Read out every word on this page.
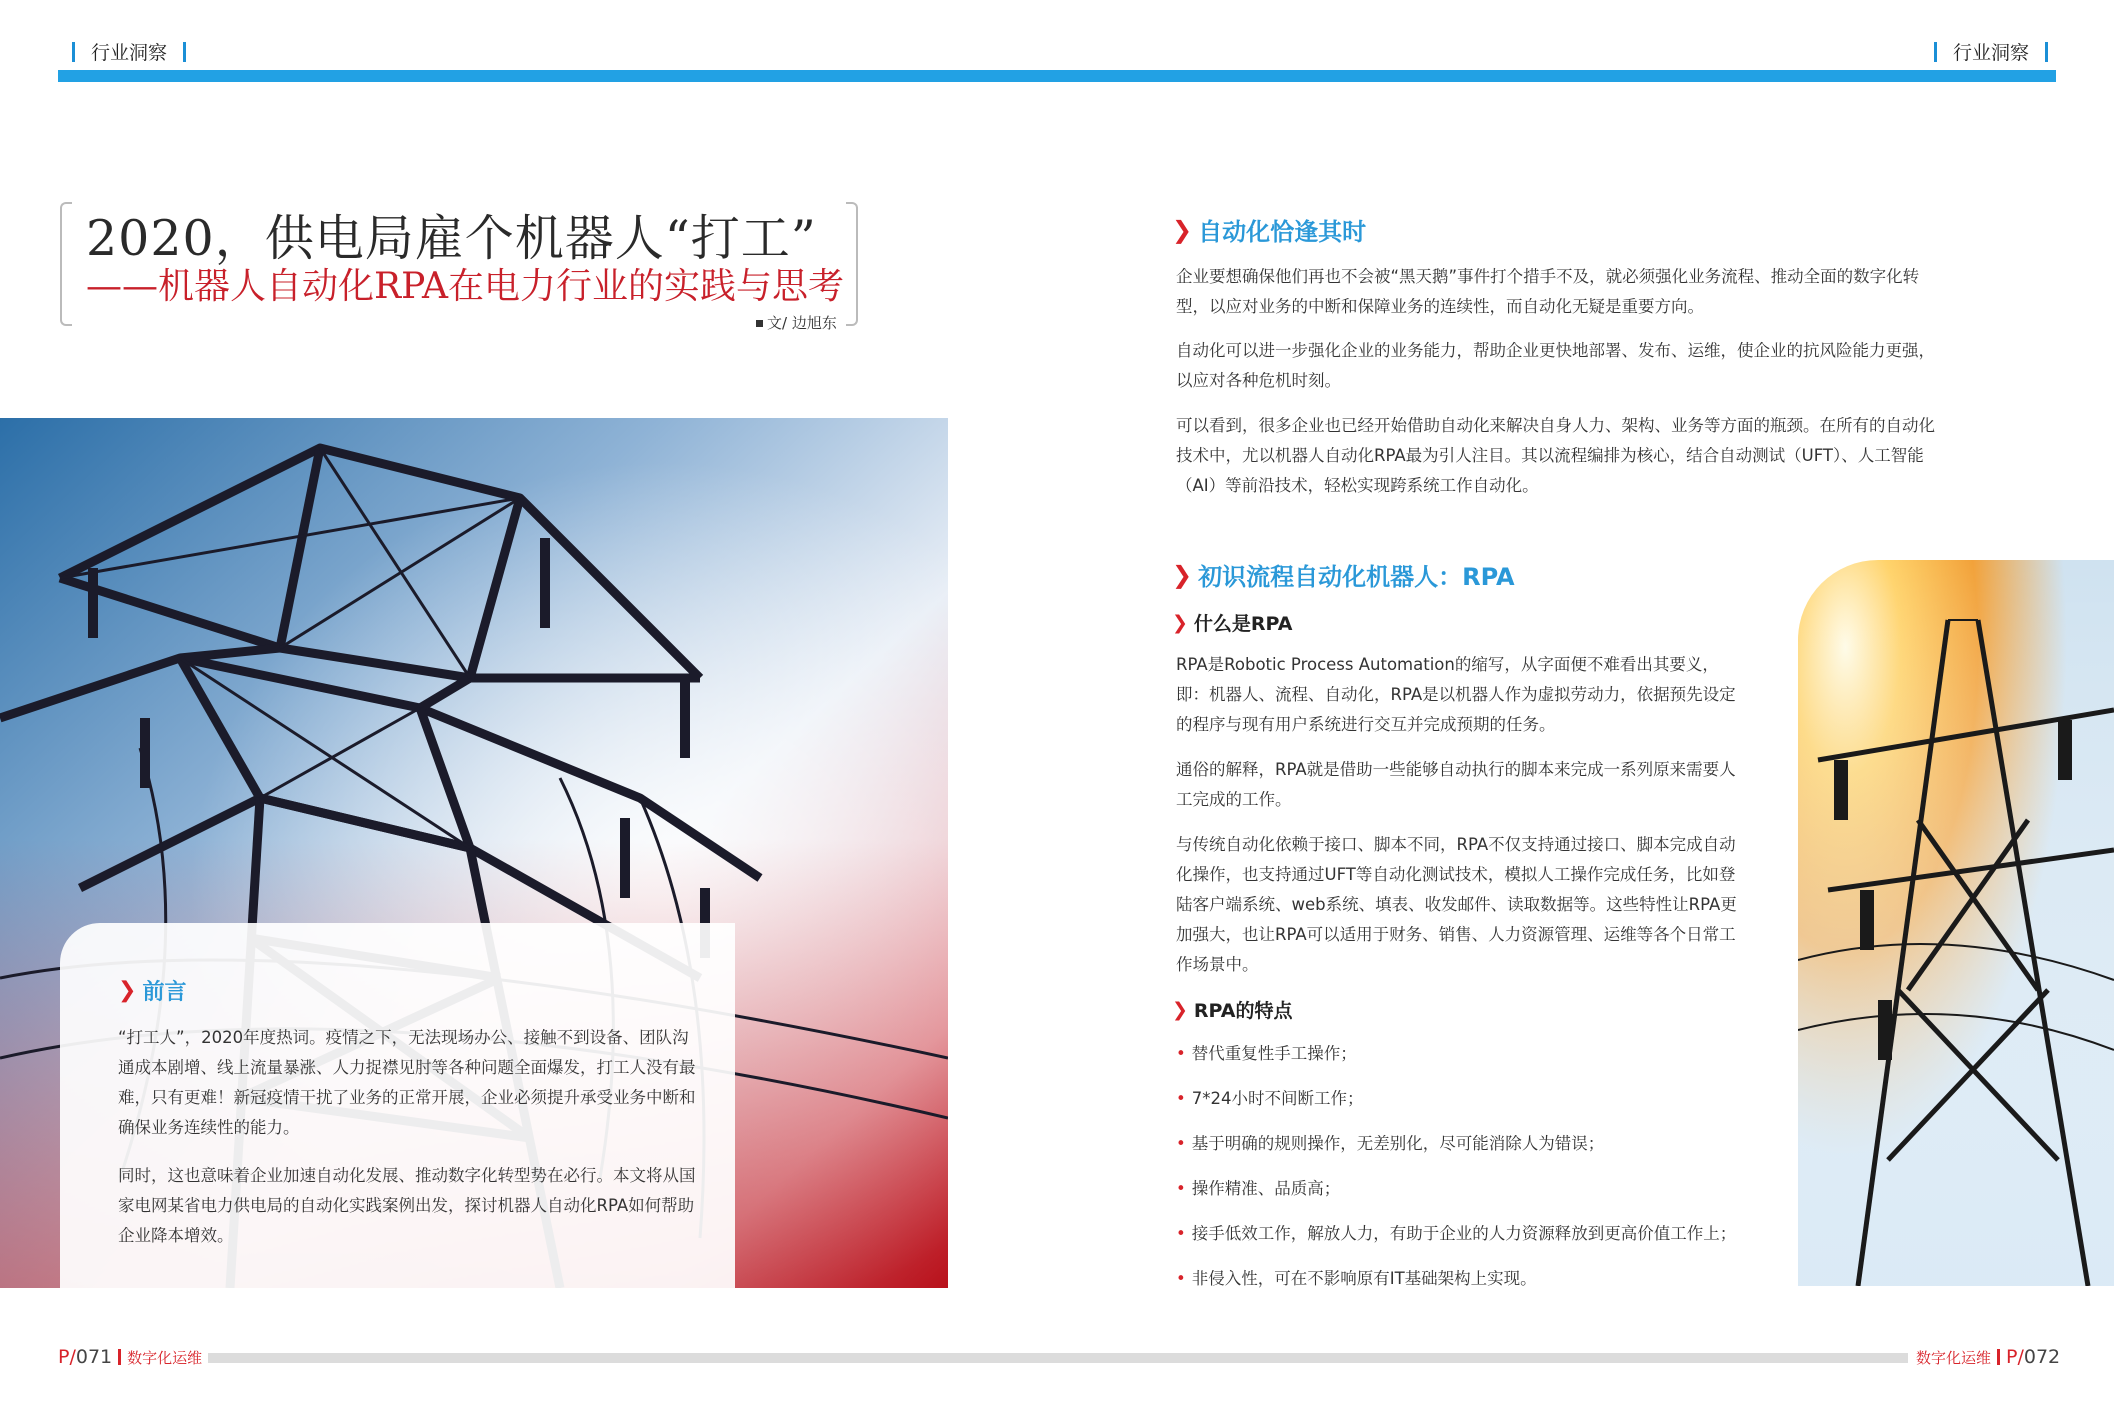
行业洞察	行业洞察
2020，供电局雇个机器人“打工”
——机器人自动化RPA在电力行业的实践与思考
文/ 边旭东
❯ 前言

“打工人”，2020年度热词。疫情之下，无法现场办公、接触不到设备、团队沟通成本剧增、线上流量暴涨、人力捉襟见肘等各种问题全面爆发，打工人没有最难，只有更难！新冠疫情干扰了业务的正常开展，企业必须提升承受业务中断和确保业务连续性的能力。

同时，这也意味着企业加速自动化发展、推动数字化转型势在必行。本文将从国家电网某省电力供电局的自动化实践案例出发，探讨机器人自动化RPA如何帮助企业降本增效。

❯ 自动化恰逢其时

企业要想确保他们再也不会被“黑天鹅”事件打个措手不及，就必须强化业务流程、推动全面的数字化转型，以应对业务的中断和保障业务的连续性，而自动化无疑是重要方向。

自动化可以进一步强化企业的业务能力，帮助企业更快地部署、发布、运维，使企业的抗风险能力更强，以应对各种危机时刻。

可以看到，很多企业也已经开始借助自动化来解决自身人力、架构、业务等方面的瓶颈。在所有的自动化技术中，尤以机器人自动化RPA最为引人注目。其以流程编排为核心，结合自动测试（UFT）、人工智能（AI）等前沿技术，轻松实现跨系统工作自动化。

❯ 初识流程自动化机器人：RPA
❯ 什么是RPA

RPA是Robotic Process Automation的缩写，从字面便不难看出其要义，即：机器人、流程、自动化，RPA是以机器人作为虚拟劳动力，依据预先设定的程序与现有用户系统进行交互并完成预期的任务。

通俗的解释，RPA就是借助一些能够自动执行的脚本来完成一系列原来需要人工完成的工作。

与传统自动化依赖于接口、脚本不同，RPA不仅支持通过接口、脚本完成自动化操作，也支持通过UFT等自动化测试技术，模拟人工操作完成任务，比如登陆客户端系统、web系统、填表、收发邮件、读取数据等。这些特性让RPA更加强大，也让RPA可以适用于财务、销售、人力资源管理、运维等各个日常工作场景中。

❯ RPA的特点
• 替代重复性手工操作；
• 7*24小时不间断工作；
• 基于明确的规则操作，无差别化，尽可能消除人为错误；
• 操作精准、品质高；
• 接手低效工作，解放人力，有助于企业的人力资源释放到更高价值工作上；
• 非侵入性，可在不影响原有IT基础架构上实现。
P/ 071 数字化运维	数字化运维 P/ 072
